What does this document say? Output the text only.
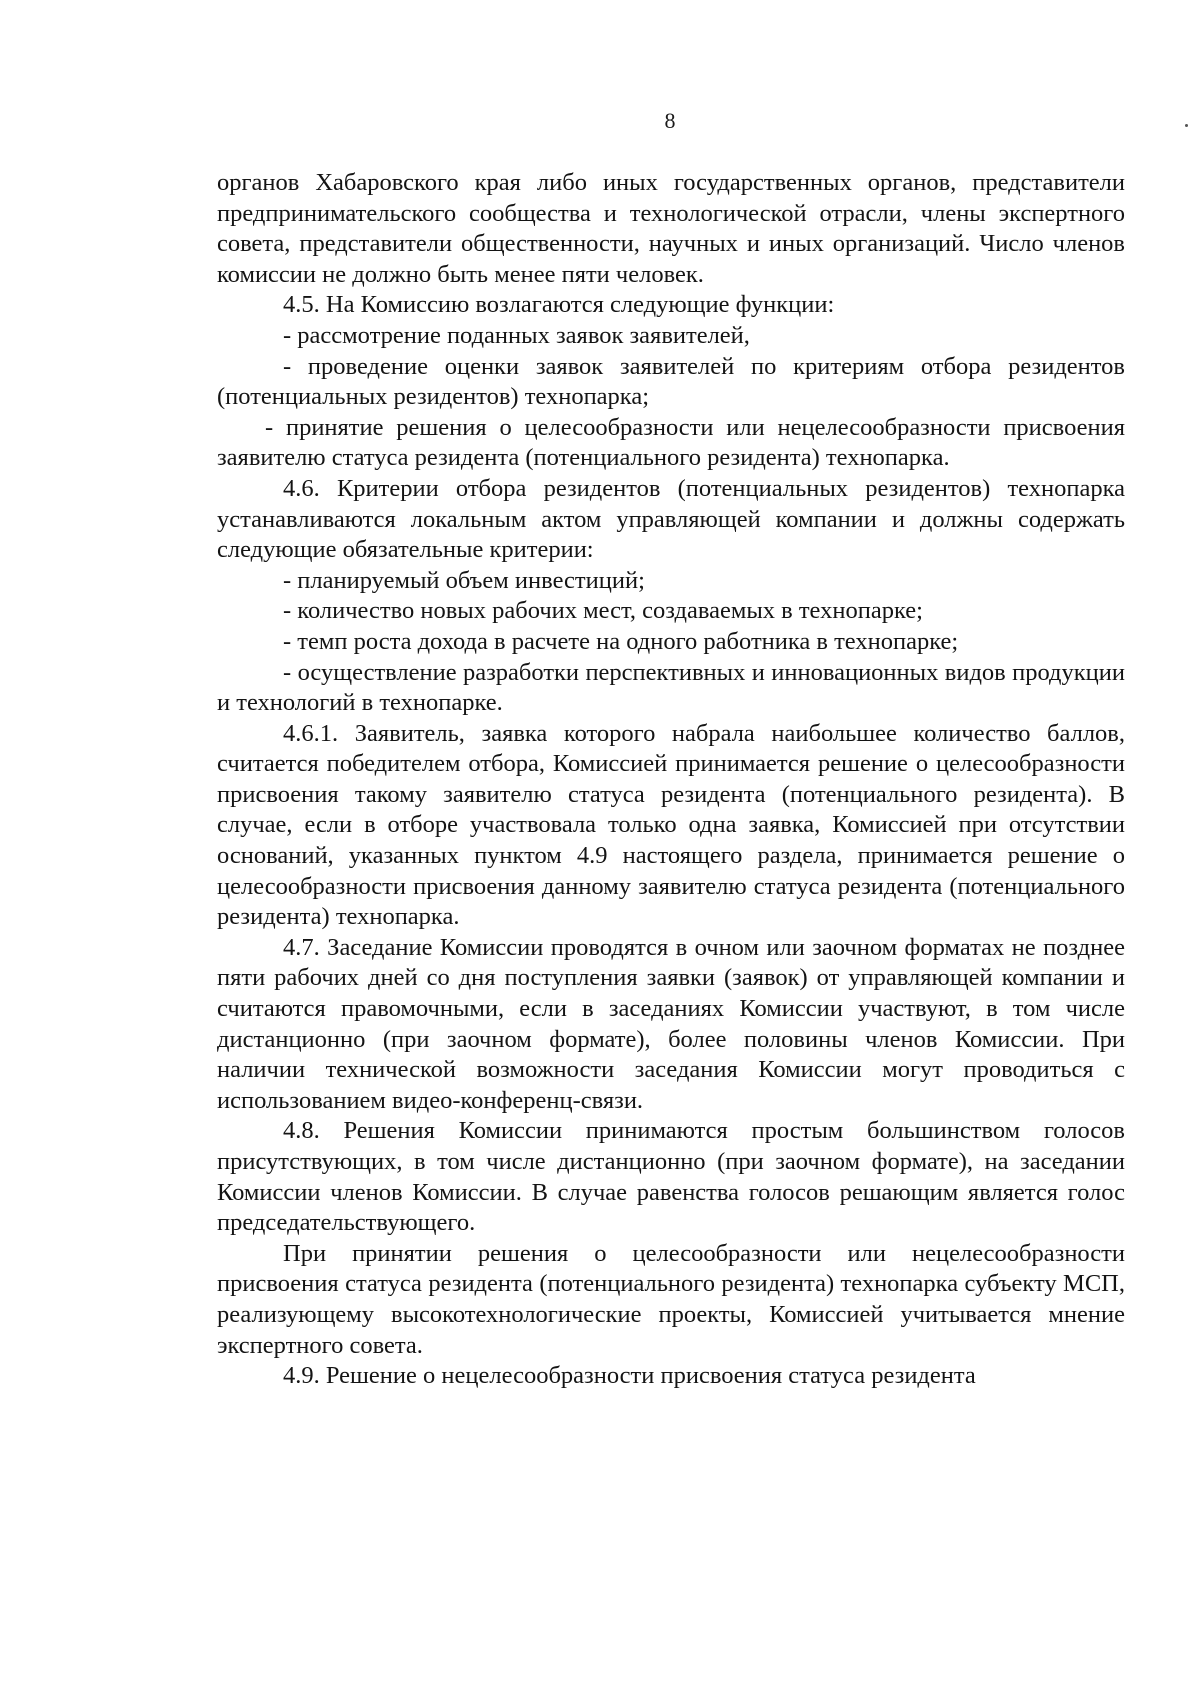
8

органов Хабаровского края либо иных государственных органов, представители предпринимательского сообщества и технологической отрасли, члены экспертного совета, представители общественности, научных и иных организаций. Число членов комиссии не должно быть менее пяти человек.

4.5. На Комиссию возлагаются следующие функции:

- рассмотрение поданных заявок заявителей,

- проведение оценки заявок заявителей по критериям отбора резидентов (потенциальных резидентов) технопарка;

- принятие решения о целесообразности или нецелесообразности присвоения заявителю статуса резидента (потенциального резидента) технопарка.

4.6. Критерии отбора резидентов (потенциальных резидентов) технопарка устанавливаются локальным актом управляющей компании и должны содержать следующие обязательные критерии:

- планируемый объем инвестиций;

- количество новых рабочих мест, создаваемых в технопарке;

- темп роста дохода в расчете на одного работника в технопарке;

- осуществление разработки перспективных и инновационных видов продукции и технологий в технопарке.

4.6.1. Заявитель, заявка которого набрала наибольшее количество баллов, считается победителем отбора, Комиссией принимается решение о целесообразности присвоения такому заявителю статуса резидента (потенциального резидента). В случае, если в отборе участвовала только одна заявка, Комиссией при отсутствии оснований, указанных пунктом 4.9 настоящего раздела, принимается решение о целесообразности присвоения данному заявителю статуса резидента (потенциального резидента) технопарка.

4.7. Заседание Комиссии проводятся в очном или заочном форматах не позднее пяти рабочих дней со дня поступления заявки (заявок) от управляющей компании и считаются правомочными, если в заседаниях Комиссии участвуют, в том числе дистанционно (при заочном формате), более половины членов Комиссии. При наличии технической возможности заседания Комиссии могут проводиться с использованием видео-конференц-связи.

4.8. Решения Комиссии принимаются простым большинством голосов присутствующих, в том числе дистанционно (при заочном формате), на заседании Комиссии членов Комиссии. В случае равенства голосов решающим является голос председательствующего.

При принятии решения о целесообразности или нецелесообразности присвоения статуса резидента (потенциального резидента) технопарка субъекту МСП, реализующему высокотехнологические проекты, Комиссией учитывается мнение экспертного совета.

4.9. Решение о нецелесообразности присвоения статуса резидента
